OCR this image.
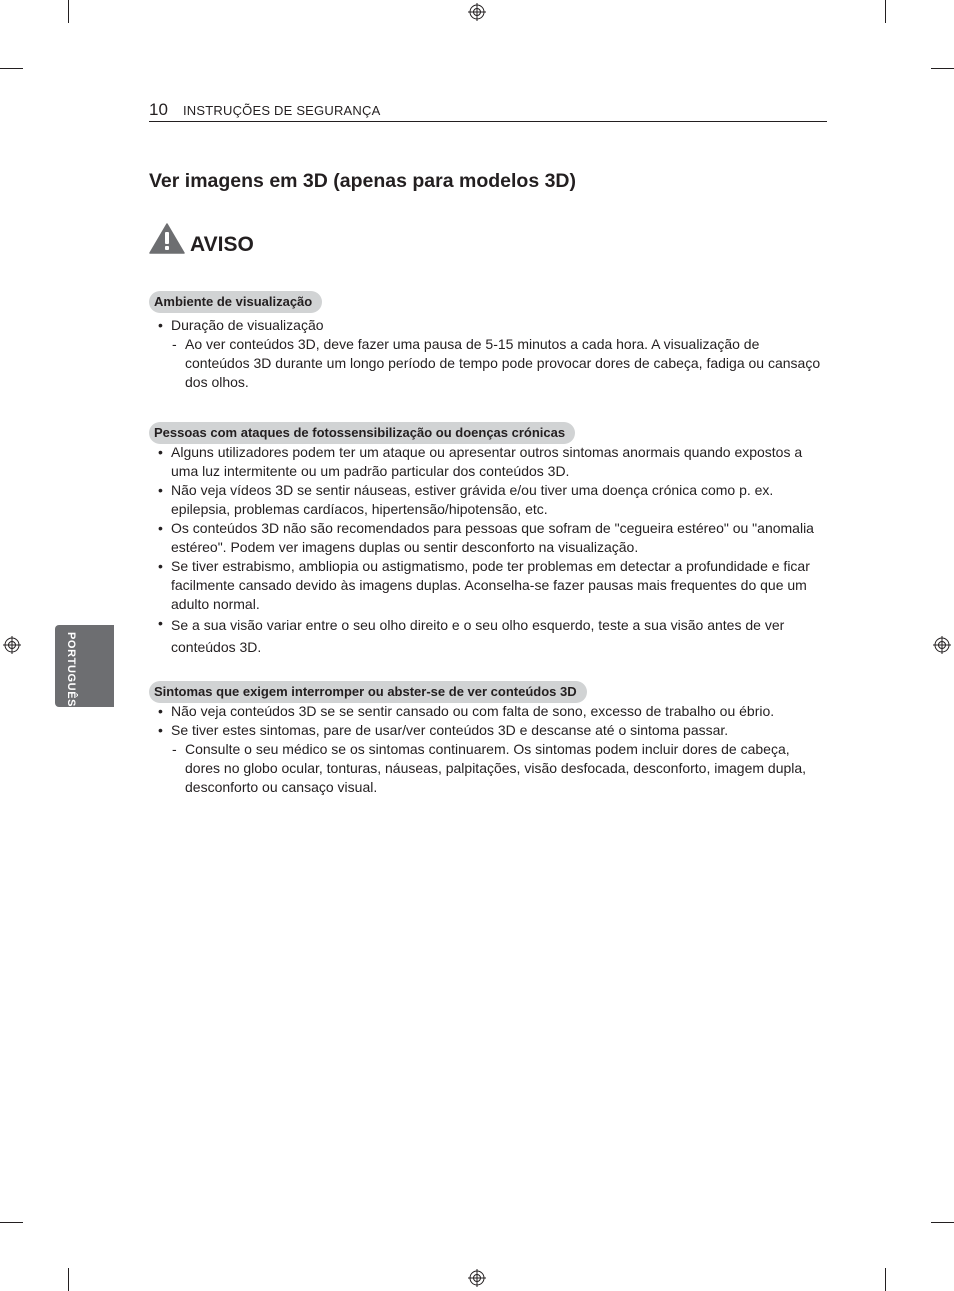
10 INSTRUÇÕES DE SEGURANÇA
Ver imagens em 3D (apenas para modelos 3D)
AVISO
PORTUGUÊS
Ambiente de visualização
• Duração de visualização
- Ao ver conteúdos 3D, deve fazer uma pausa de 5-15 minutos a cada hora. A visualização de conteúdos 3D durante um longo período de tempo pode provocar dores de cabeça, fadiga ou cansaço dos olhos.
Pessoas com ataques de fotossensibilização ou doenças crónicas
• Alguns utilizadores podem ter um ataque ou apresentar outros sintomas anormais quando expostos a uma luz intermitente ou um padrão particular dos conteúdos 3D.
• Não veja vídeos 3D se sentir náuseas, estiver grávida e/ou tiver uma doença crónica como p. ex. epilepsia, problemas cardíacos, hipertensão/hipotensão, etc.
• Os conteúdos 3D não são recomendados para pessoas que sofram de "cegueira estéreo" ou "anomalia estéreo". Podem ver imagens duplas ou sentir desconforto na visualização.
• Se tiver estrabismo, ambliopia ou astigmatismo, pode ter problemas em detectar a profundidade e ficar facilmente cansado devido às imagens duplas. Aconselha-se fazer pausas mais frequentes do que um adulto normal.
• Se a sua visão variar entre o seu olho direito e o seu olho esquerdo, teste a sua visão antes de ver conteúdos 3D.
Sintomas que exigem interromper ou abster-se de ver conteúdos 3D
• Não veja conteúdos 3D se se sentir cansado ou com falta de sono, excesso de trabalho ou ébrio.
• Se tiver estes sintomas, pare de usar/ver conteúdos 3D e descanse até o sintoma passar.
- Consulte o seu médico se os sintomas continuarem. Os sintomas podem incluir dores de cabeça, dores no globo ocular, tonturas, náuseas, palpitações, visão desfocada, desconforto, imagem dupla, desconforto ou cansaço visual.
